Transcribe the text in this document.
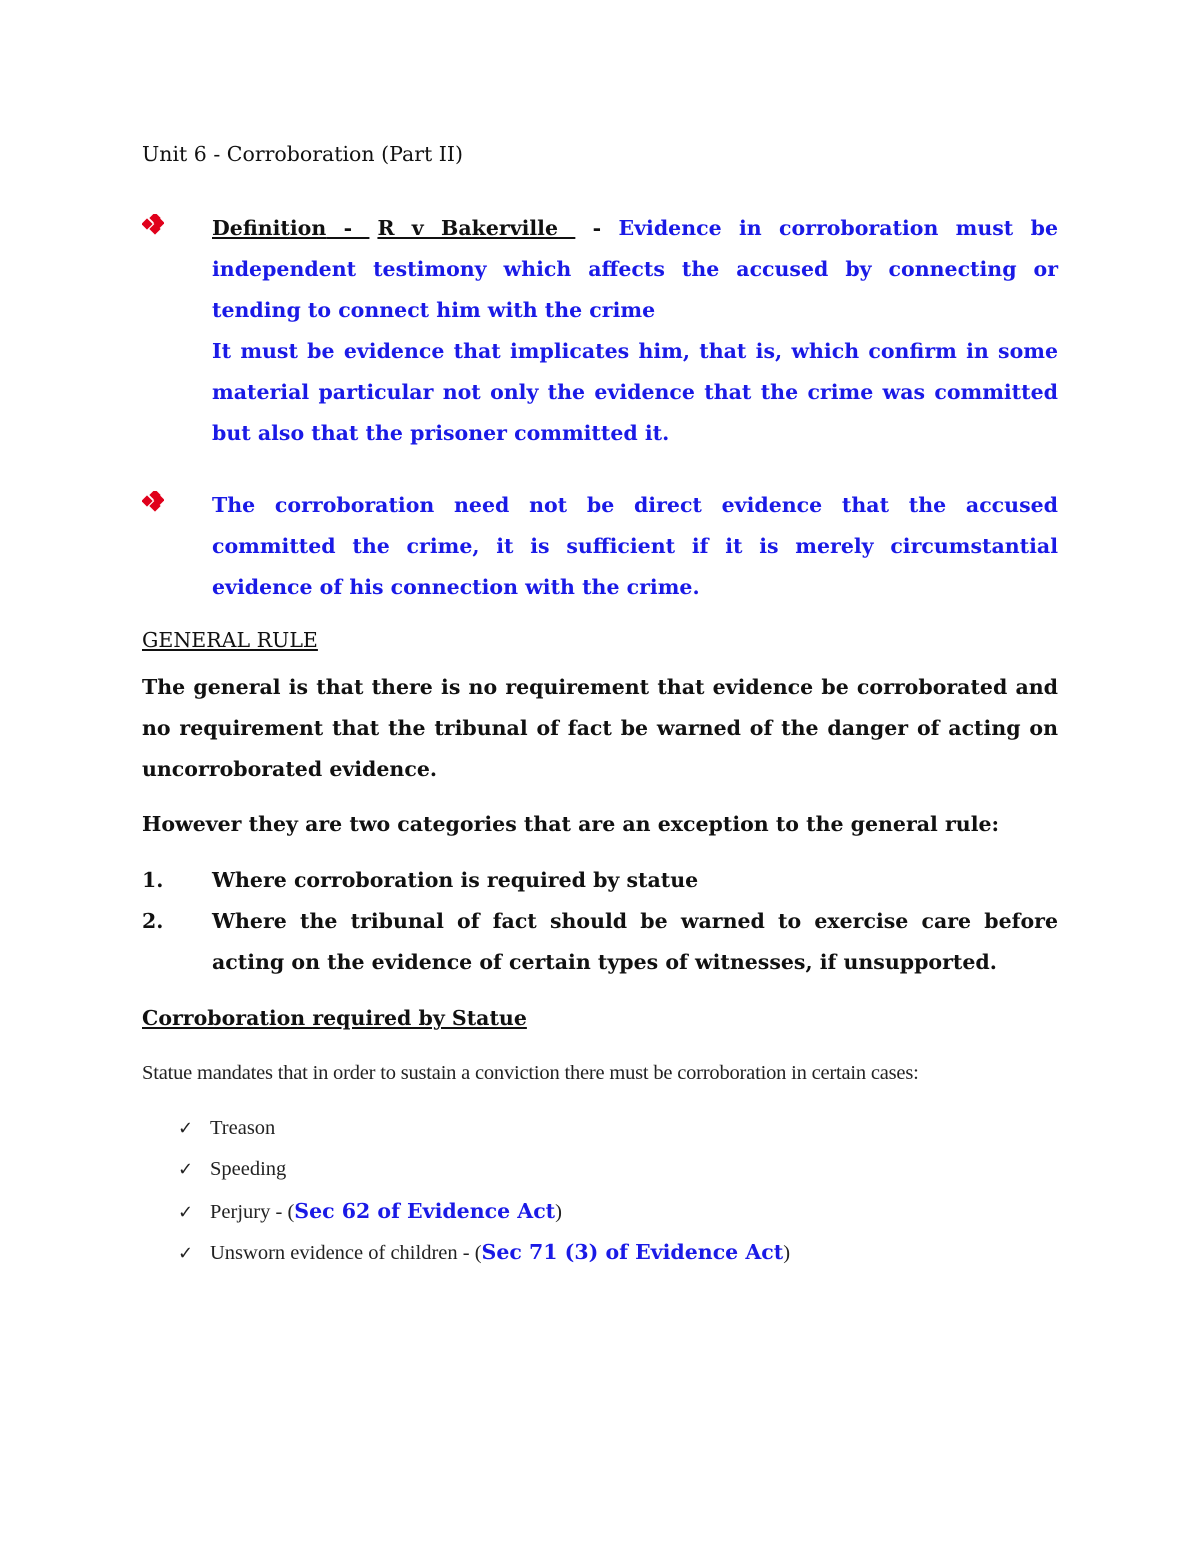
Unit 6 - Corroboration (Part II)

Definition - R v Bakerville  - Evidence in corroboration must be independent testimony which affects the accused by connecting or tending to connect him with the crime

It must be evidence that implicates him, that is, which confirm in some material particular not only the evidence that the crime was committed but also that the prisoner committed it.

The corroboration need not be direct evidence that the accused committed the crime, it is sufficient if it is merely circumstantial evidence of his connection with the crime.
GENERAL RULE

The general is that there is no requirement that evidence be corroborated and no requirement that the tribunal of fact be warned of the danger of acting on uncorroborated evidence.

However they are two categories that are an exception to the general rule:

1. Where corroboration is required by statue
2. Where the tribunal of fact should be warned to exercise care before acting on the evidence of certain types of witnesses, if unsupported.
Corroboration required by Statue
Statue mandates that in order to sustain a conviction there must be corroboration in certain cases:
✓ Treason
✓ Speeding
✓ Perjury - (Sec 62 of Evidence Act)
✓ Unsworn evidence of children - (Sec 71 (3) of Evidence Act)
